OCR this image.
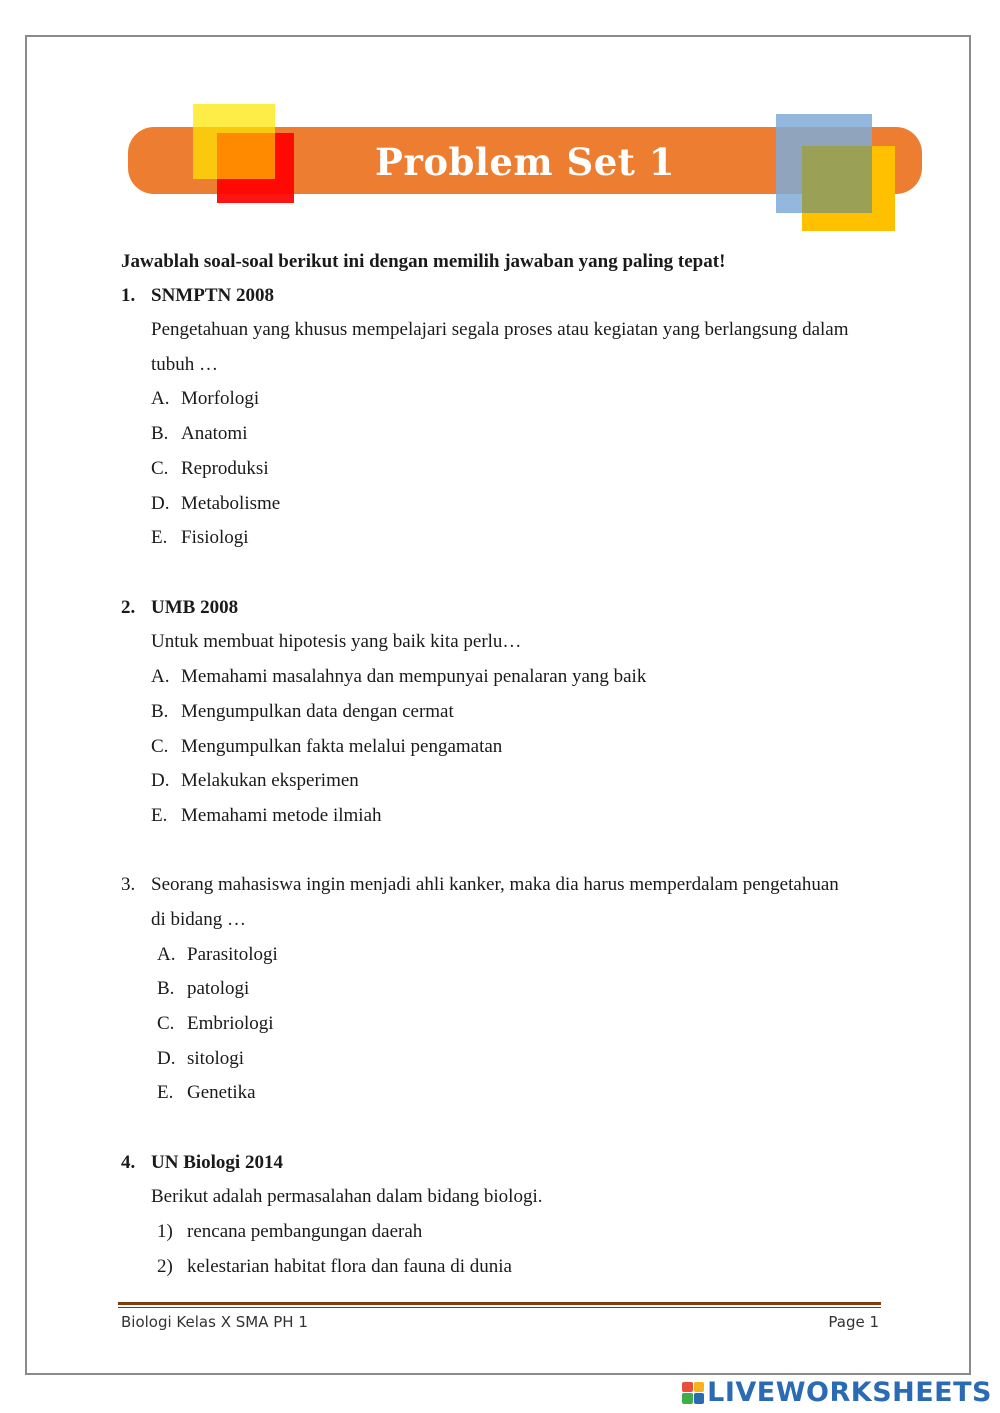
Problem Set 1
Jawablah soal-soal berikut ini dengan memilih jawaban yang paling tepat!
1. SNMPTN 2008
Pengetahuan yang khusus mempelajari segala proses atau kegiatan yang berlangsung dalam
tubuh …
A. Morfologi
B. Anatomi
C. Reproduksi
D. Metabolisme
E. Fisiologi
2. UMB 2008
Untuk membuat hipotesis yang baik kita perlu…
A. Memahami masalahnya dan mempunyai penalaran yang baik
B. Mengumpulkan data dengan cermat
C. Mengumpulkan fakta melalui pengamatan
D. Melakukan eksperimen
E. Memahami metode ilmiah
3. Seorang mahasiswa ingin menjadi ahli kanker, maka dia harus memperdalam pengetahuan
di bidang …
A. Parasitologi
B. patologi
C. Embriologi
D. sitologi
E. Genetika
4. UN Biologi 2014
Berikut adalah permasalahan dalam bidang biologi.
1) rencana pembangungan daerah
2) kelestarian habitat flora dan fauna di dunia
Biologi Kelas X SMA PH 1	Page 1
LIVEWORKSHEETS
